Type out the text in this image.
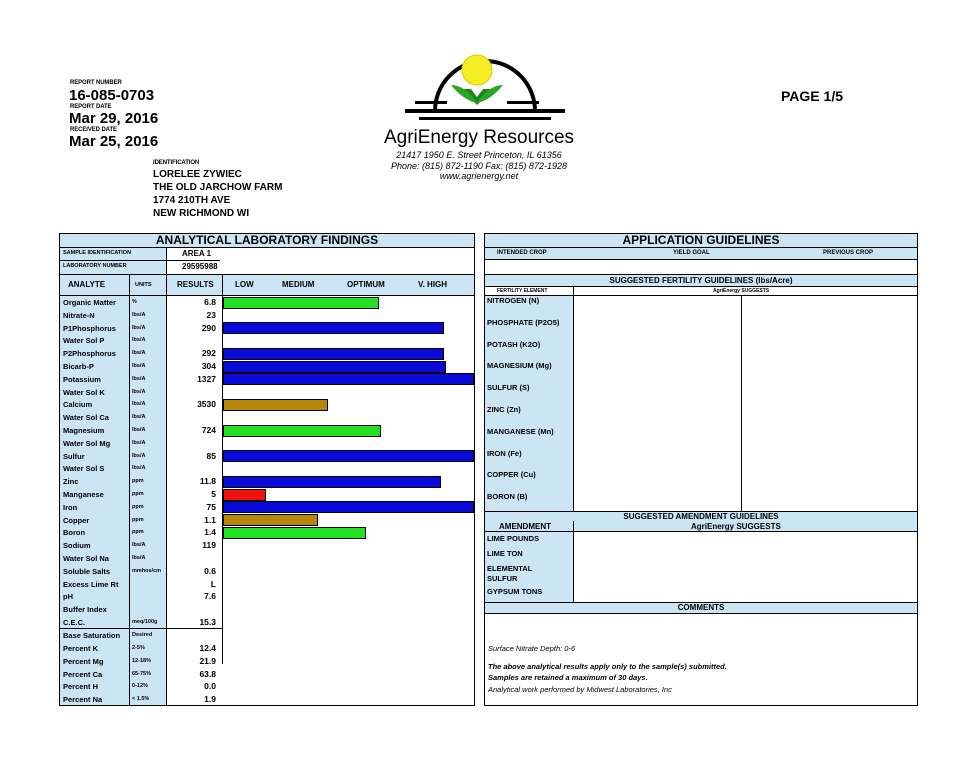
REPORT NUMBER
16-085-0703
REPORT DATE
Mar 29, 2016
RECEIVED DATE
Mar 25, 2016
IDENTIFICATION
LORELEE ZYWIEC
THE OLD JARCHOW FARM
1774 210TH AVE
NEW RICHMOND WI
PAGE 1/5
AgriEnergy Resources
21417 1950 E. Street Princeton, IL 61356
Phone: (815) 872-1190 Fax: (815) 872-1928
www.agrienergy.net
ANALYTICAL LABORATORY FINDINGS
SAMPLE IDENTIFICATION	AREA 1
LABORATORY NUMBER	29595988
ANALYTE	UNITS	RESULTS	LOW	MEDIUM	OPTIMUM	V. HIGH
Organic Matter	%	6.8
Nitrate-N	lbs/A	23
P1Phosphorus	lbs/A	290
Water Sol P	lbs/A
P2Phosphorus	lbs/A	292
Bicarb-P	lbs/A	304
Potassium	lbs/A	1327
Water Sol K	lbs/A
Calcium	lbs/A	3530
Water Sol Ca	lbs/A
Magnesium	lbs/A	724
Water Sol Mg	lbs/A
Sulfur	lbs/A	85
Water Sol S	lbs/A
Zinc	ppm	11.8
Manganese	ppm	5
Iron	ppm	75
Copper	ppm	1.1
Boron	ppm	1.4
Sodium	lbs/A	119
Water Sol Na	lbs/A
Soluble Salts	mmhos/cm	0.6
Excess Lime Rt	L
pH	7.6
Buffer Index
C.E.C.	meq/100g	15.3
Base Saturation Desired
Percent K	2-5%	12.4
Percent Mg	12-18%	21.9
Percent Ca	65-75%	63.8
Percent H	0-12%	0.0
Percent Na	< 1.5%	1.9
APPLICATION GUIDELINES
INTENDED CROP	YIELD GOAL	PREVIOUS CROP
SUGGESTED FERTILITY GUIDELINES (lbs/Acre)
FERTILITY ELEMENT	AgriEnergy SUGGESTS
NITROGEN (N)
PHOSPHATE (P2O5)
POTASH (K2O)
MAGNESIUM (Mg)
SULFUR (S)
ZINC (Zn)
MANGANESE (Mn)
IRON (Fe)
COPPER (Cu)
BORON (B)
SUGGESTED AMENDMENT GUIDELINES
AMENDMENT	AgriEnergy SUGGESTS
LIME POUNDS
LIME TON
ELEMENTAL SULFUR
GYPSUM TONS
COMMENTS
Surface Nitrate Depth: 0-6
The above analytical results apply only to the sample(s) submitted.
Samples are retained a maximum of 30 days.
Analytical work performed by Midwest Laboratories, Inc
